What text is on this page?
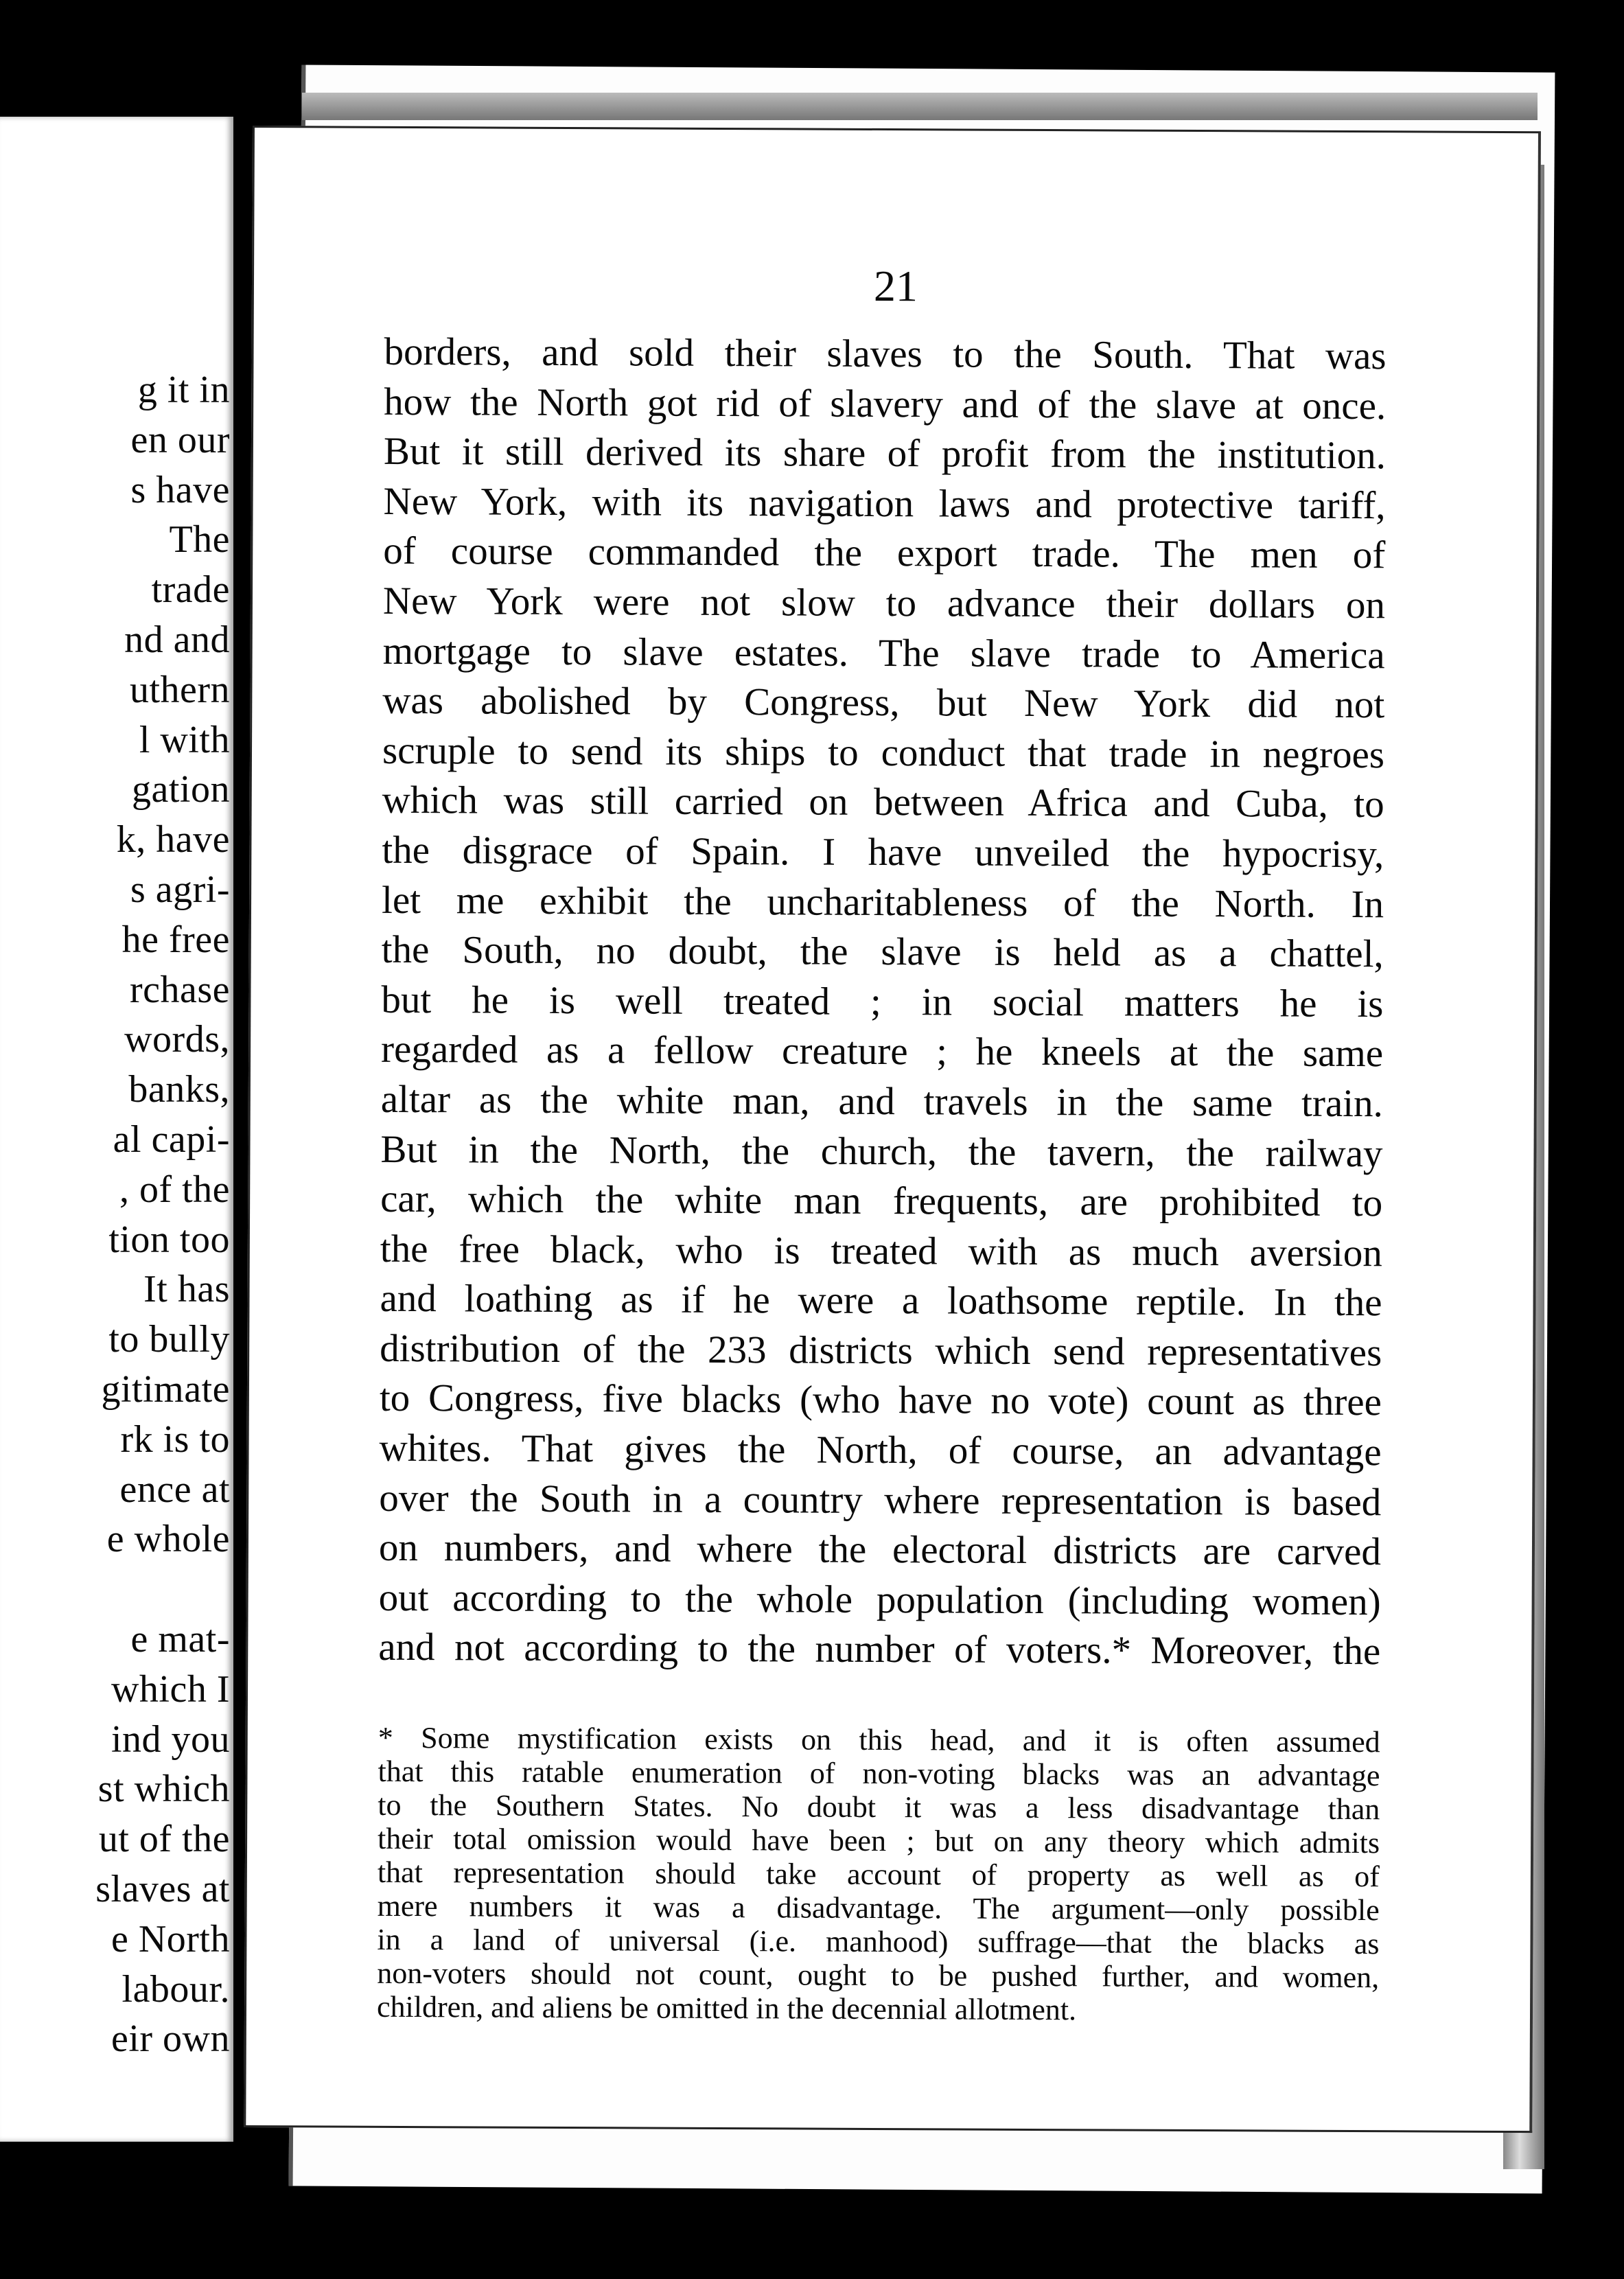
g it in
en our
s have
The
trade
nd and
uthern
l with
gation
k, have
s agri-
he free
rchase
words,
banks,
al capi-
, of the
tion too
It has
to bully
gitimate
rk is to
ence at
e whole
e mat-
which I
ind you
st which
ut of the
slaves at
e North
labour.
eir own
21
borders, and sold their slaves to the South. That was
how the North got rid of slavery and of the slave at once.
But it still derived its share of profit from the institution.
New York, with its navigation laws and protective tariff,
of course commanded the export trade. The men of
New York were not slow to advance their dollars on
mortgage to slave estates. The slave trade to America
was abolished by Congress, but New York did not
scruple to send its ships to conduct that trade in negroes
which was still carried on between Africa and Cuba, to
the disgrace of Spain. I have unveiled the hypocrisy,
let me exhibit the uncharitableness of the North. In
the South, no doubt, the slave is held as a chattel,
but he is well treated ; in social matters he is
regarded as a fellow creature ; he kneels at the same
altar as the white man, and travels in the same train.
But in the North, the church, the tavern, the railway
car, which the white man frequents, are prohibited to
the free black, who is treated with as much aversion
and loathing as if he were a loathsome reptile. In the
distribution of the 233 districts which send representatives
to Congress, five blacks (who have no vote) count as three
whites. That gives the North, of course, an advantage
over the South in a country where representation is based
on numbers, and where the electoral districts are carved
out according to the whole population (including women)
and not according to the number of voters.* Moreover, the
* Some mystification exists on this head, and it is often assumed
that this ratable enumeration of non-voting blacks was an advantage
to the Southern States. No doubt it was a less disadvantage than
their total omission would have been ; but on any theory which admits
that representation should take account of property as well as of
mere numbers it was a disadvantage. The argument—only possible
in a land of universal (i.e. manhood) suffrage—that the blacks as
non-voters should not count, ought to be pushed further, and women,
children, and aliens be omitted in the decennial allotment.
